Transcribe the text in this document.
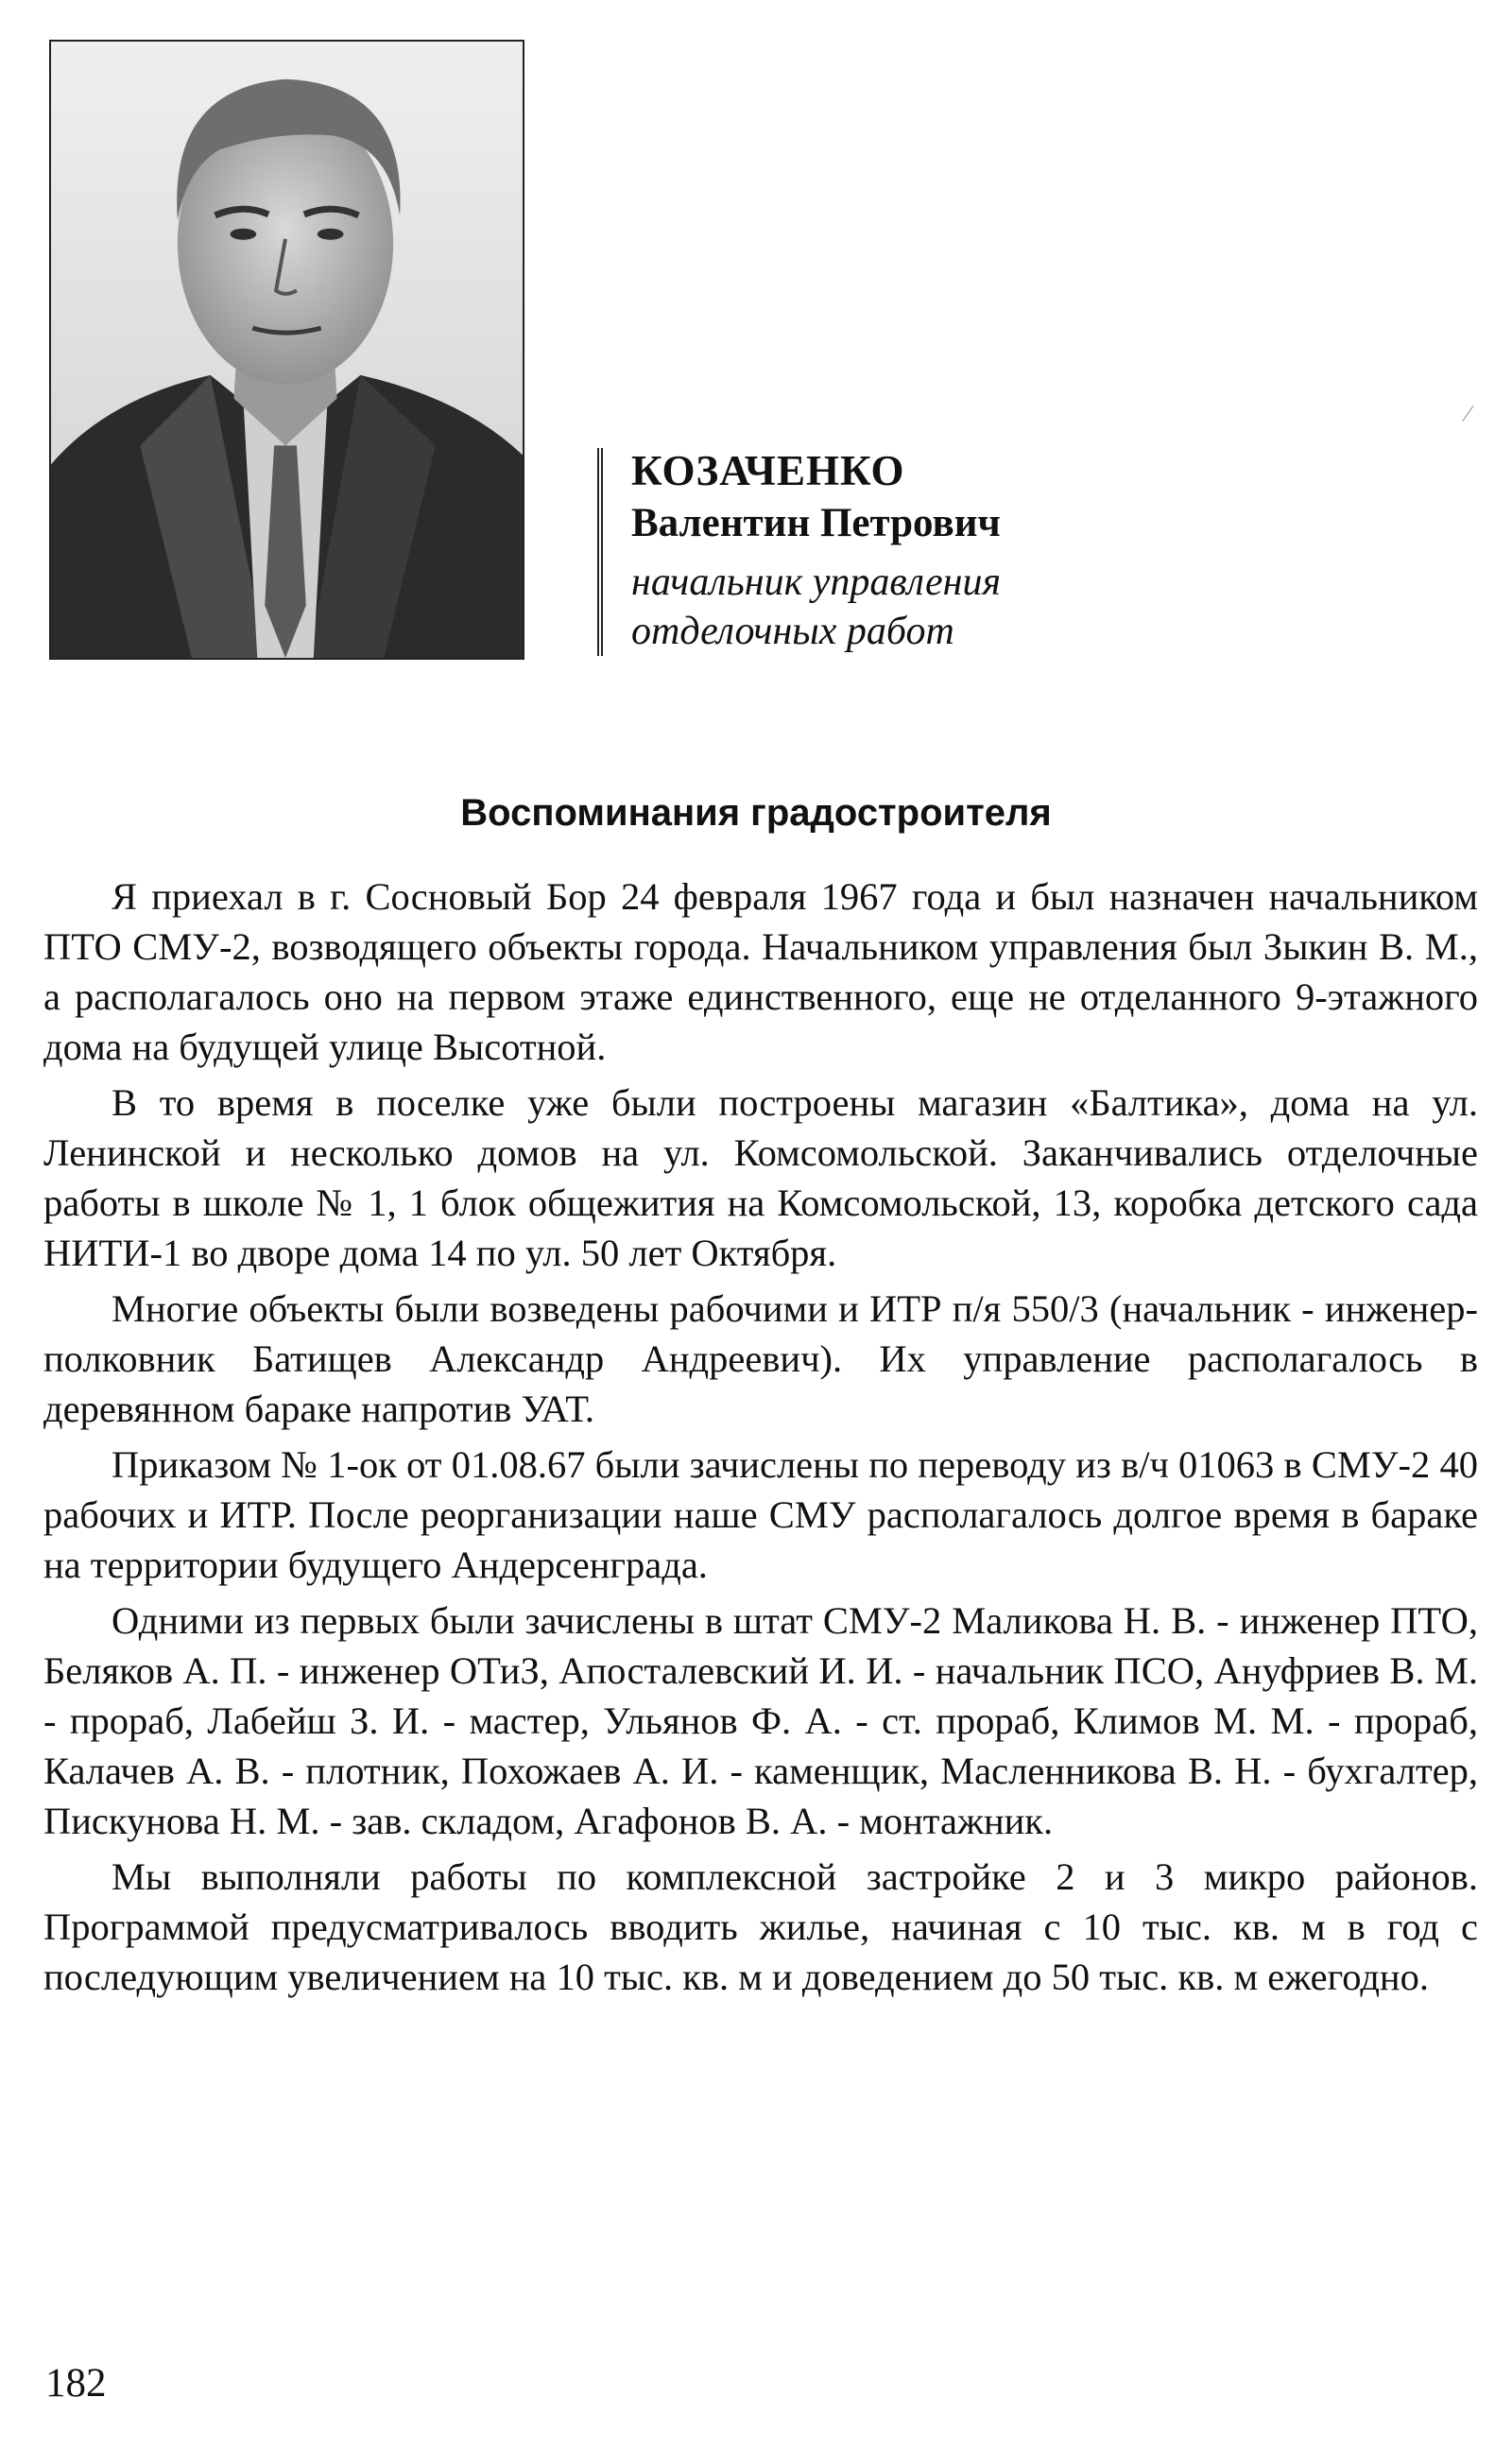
КОЗАЧЕНКО
Валентин Петрович
начальник управления
отделочных работ
Воспоминания градостроителя

Я приехал в г. Сосновый Бор 24 февраля 1967 года и был назначен начальником ПТО СМУ-2, возводящего объекты города. Начальником управления был Зыкин В. М., а располагалось оно на первом этаже единственного, еще не отделанного 9-этажного дома на будущей улице Высотной.

В то время в поселке уже были построены магазин «Балтика», дома на ул. Ленинской и несколько домов на ул. Комсомольской. Заканчивались отделочные работы в школе № 1, 1 блок общежития на Комсомольской, 13, коробка детского сада НИТИ-1 во дворе дома 14 по ул. 50 лет Октября.

Многие объекты были возведены рабочими и ИТР п/я 550/3 (начальник - инженер-полковник Батищев Александр Андреевич). Их управление располагалось в деревянном бараке напротив УАТ.

Приказом № 1-ок от 01.08.67 были зачислены по переводу из в/ч 01063 в СМУ-2 40 рабочих и ИТР. После реорганизации наше СМУ располагалось долгое время в бараке на территории будущего Андерсенграда.

Одними из первых были зачислены в штат СМУ-2 Маликова Н. В. - инженер ПТО, Беляков А. П. - инженер ОТиЗ, Апосталевский И. И. - начальник ПСО, Ануфриев В. М. - прораб, Лабейш З. И. - мастер, Ульянов Ф. А. - ст. прораб, Климов М. М. - прораб, Калачев А. В. - плотник, Похожаев А. И. - каменщик, Масленникова В. Н. - бухгалтер, Пискунова Н. М. - зав. складом, Агафонов В. А. - монтажник.

Мы выполняли работы по комплексной застройке 2 и 3 микро районов. Программой предусматривалось вводить жилье, начиная с 10 тыс. кв. м в год с последующим увеличением на 10 тыс. кв. м и доведением до 50 тыс. кв. м ежегодно.

182
